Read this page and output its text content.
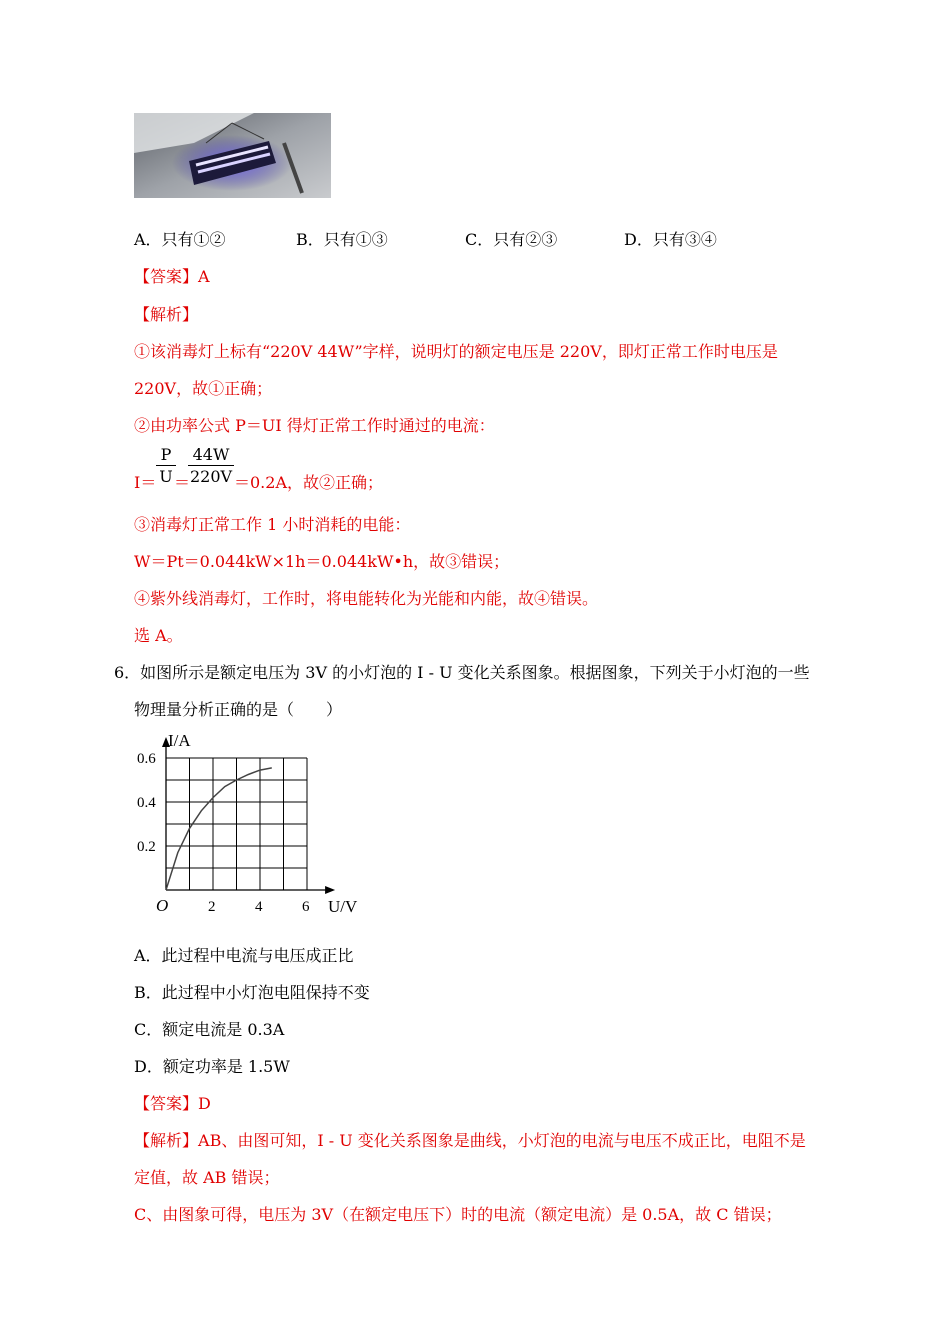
A．只有①②	B．只有①③	C．只有②③	D．只有③④
【答案】A
【解析】
①该消毒灯上标有“220V 44W”字样，说明灯的额定电压是 220V，即灯正常工作时电压是
220V，故①正确；
②由功率公式 P＝UI 得灯正常工作时通过的电流：
$I= \frac{P}{U}$
＝
$\frac{44W}{220V} =0.2A$，故②正确；
③消毒灯正常工作 1 小时消耗的电能：
W＝Pt＝0.044kW×1h＝0.044kW•h，故③错误；
④紫外线消毒灯，工作时，将电能转化为光能和内能，故④错误。
选 A。
6．如图所示是额定电压为 3V 的小灯泡的 I - U 变化关系图象。根据图象，下列关于小灯泡的一些
物理量分析正确的是（　　）
I/A
U/V
O	2	4	6
0.2
0.4
0.6
A．此过程中电流与电压成正比
B．此过程中小灯泡电阻保持不变
C．额定电流是 0.3A
D．额定功率是 1.5W
【答案】D
【解析】AB、由图可知，I - U 变化关系图象是曲线，小灯泡的电流与电压不成正比，电阻不是
定值，故 AB 错误；
C、由图象可得，电压为 3V（在额定电压下）时的电流（额定电流）是 0.5A，故 C 错误；
